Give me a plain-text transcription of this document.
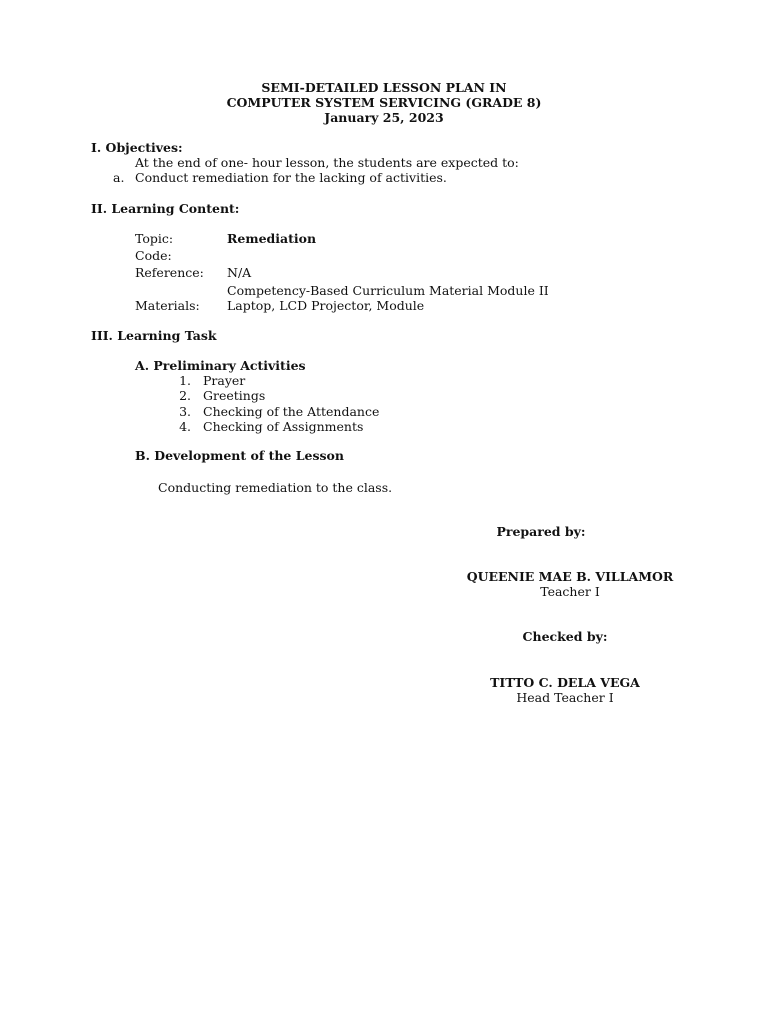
SEMI-DETAILED LESSON PLAN IN
COMPUTER SYSTEM SERVICING (GRADE 8)
January 25, 2023
I. Objectives:
At the end of one- hour lesson, the students are expected to:
a. Conduct remediation for the lacking of activities.
II. Learning Content:
Topic:	Remediation
Code:
Reference: N/A
Competency-Based Curriculum Material Module II
Materials: Laptop, LCD Projector, Module
III. Learning Task
A. Preliminary Activities
1. Prayer
2. Greetings
3. Checking of the Attendance
4. Checking of Assignments
B. Development of the Lesson
Conducting remediation to the class.
Prepared by:
QUEENIE MAE B. VILLAMOR
Teacher I
Checked by:
TITTO C. DELA VEGA
Head Teacher I
